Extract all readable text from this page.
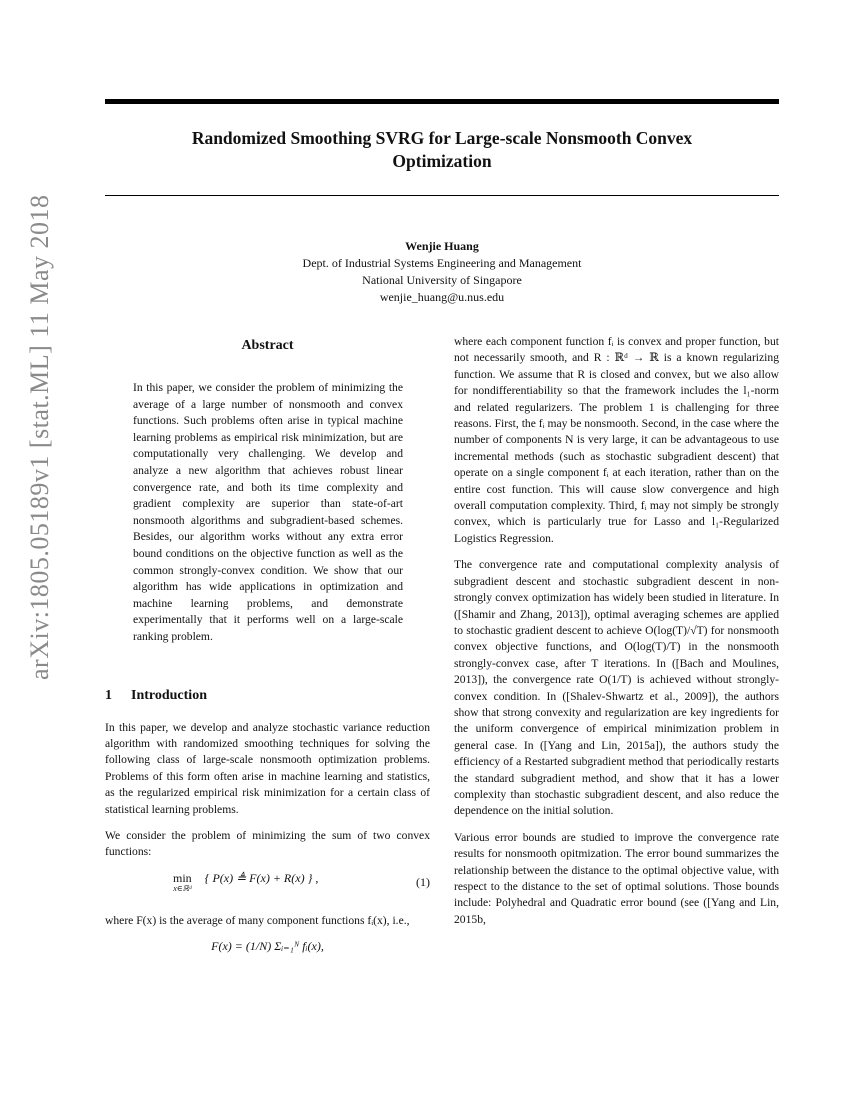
arXiv:1805.05189v1 [stat.ML] 11 May 2018
Randomized Smoothing SVRG for Large-scale Nonsmooth Convex
Optimization
Wenjie Huang
Dept. of Industrial Systems Engineering and Management
National University of Singapore
wenjie_huang@u.nus.edu
Abstract
In this paper, we consider the problem of minimizing the average of a large number of nonsmooth and convex functions. Such problems often arise in typical machine learning problems as empirical risk minimization, but are computationally very challenging. We develop and analyze a new algorithm that achieves robust linear convergence rate, and both its time complexity and gradient complexity are superior than state-of-art nonsmooth algorithms and subgradient-based schemes. Besides, our algorithm works without any extra error bound conditions on the objective function as well as the common strongly-convex condition. We show that our algorithm has wide applications in optimization and machine learning problems, and demonstrate experimentally that it performs well on a large-scale ranking problem.
1 Introduction

In this paper, we develop and analyze stochastic variance reduction algorithm with randomized smoothing techniques for solving the following class of large-scale nonsmooth optimization problems. Problems of this form often arise in machine learning and statistics, as the regularized empirical risk minimization for a certain class of statistical learning problems.

We consider the problem of minimizing the sum of two convex functions:

min
x∈ℝᵈ
{ P(x) ≜ F(x) + R(x) } ,	(1)

where F(x) is the average of many component functions fᵢ(x), i.e.,

F(x) = (1/N) Σᵢ₌₁ᴺ fᵢ(x),

where each component function fᵢ is convex and proper function, but not necessarily smooth, and R : ℝᵈ → ℝ is a known regularizing function. We assume that R is closed and convex, but we also allow for nondifferentiability so that the framework includes the l₁-norm and related regularizers. The problem 1 is challenging for three reasons. First, the fᵢ may be nonsmooth. Second, in the case where the number of components N is very large, it can be advantageous to use incremental methods (such as stochastic subgradient descent) that operate on a single component fᵢ at each iteration, rather than on the entire cost function. This will cause slow convergence and high overall computation complexity. Third, fᵢ may not simply be strongly convex, which is particularly true for Lasso and l₁-Regularized Logistics Regression.

The convergence rate and computational complexity analysis of subgradient descent and stochastic subgradient descent in non-strongly convex optimization has widely been studied in literature. In ([Shamir and Zhang, 2013]), optimal averaging schemes are applied to stochastic gradient descent to achieve O(log(T)/√T) for nonsmooth convex objective functions, and O(log(T)/T) in the nonsmooth strongly-convex case, after T iterations. In ([Bach and Moulines, 2013]), the convergence rate O(1/T) is achieved without strongly-convex condition. In ([Shalev-Shwartz et al., 2009]), the authors show that strong convexity and regularization are key ingredients for the uniform convergence of empirical minimization problem in general case. In ([Yang and Lin, 2015a]), the authors study the efficiency of a Restarted subgradient method that periodically restarts the standard subgradient method, and show that it has a lower complexity than stochastic subgradient descent, and also reduce the dependence on the initial solution.

Various error bounds are studied to improve the convergence rate results for nonsmooth opitmization. The error bound summarizes the relationship between the distance to the optimal objective value, with respect to the distance to the set of optimal solutions. Those bounds include: Polyhedral and Quadratic error bound (see ([Yang and Lin, 2015b,
